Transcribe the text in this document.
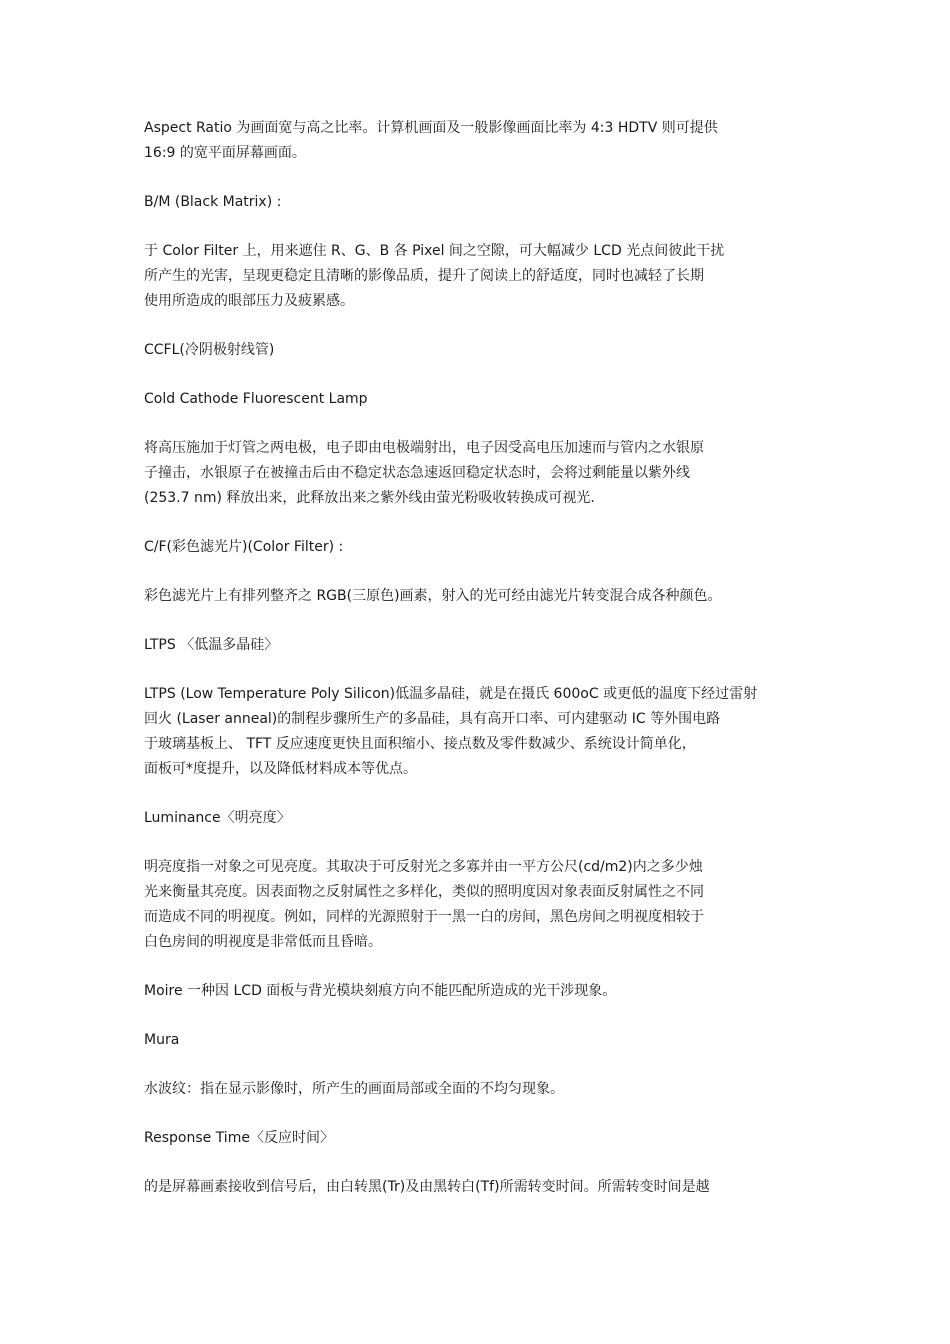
Aspect Ratio 为画面宽与高之比率。计算机画面及一般影像画面比率为 4:3 HDTV 则可提供
16:9 的宽平面屏幕画面。

B/M (Black Matrix) :

于 Color Filter 上，用来遮住 R、G、B 各 Pixel 间之空隙，可大幅减少 LCD 光点间彼此干扰
所产生的光害，呈现更稳定且清晰的影像品质，提升了阅读上的舒适度，同时也减轻了长期
使用所造成的眼部压力及疲累感。

CCFL(冷阴极射线管)

Cold Cathode Fluorescent Lamp

将高压施加于灯管之两电极，电子即由电极端射出，电子因受高电压加速而与管内之水银原
子撞击，水银原子在被撞击后由不稳定状态急速返回稳定状态时，会将过剩能量以紫外线
(253.7 nm) 释放出来，此释放出来之紫外线由萤光粉吸收转换成可视光.

C/F(彩色滤光片)(Color Filter) :

彩色滤光片上有排列整齐之 RGB(三原色)画素，射入的光可经由滤光片转变混合成各种颜色。

LTPS 〈低温多晶硅〉

LTPS (Low Temperature Poly Silicon)低温多晶硅，就是在摄氏 600oC 或更低的温度下经过雷射
回火 (Laser anneal)的制程步骤所生产的多晶硅，具有高开口率、可内建驱动 IC 等外围电路
于玻璃基板上、 TFT 反应速度更快且面积缩小、接点数及零件数减少、系统设计简单化，
面板可*度提升，以及降低材料成本等优点。

Luminance〈明亮度〉

明亮度指一对象之可见亮度。其取决于可反射光之多寡并由一平方公尺(cd/m2)内之多少烛
光来衡量其亮度。因表面物之反射属性之多样化，类似的照明度因对象表面反射属性之不同
而造成不同的明视度。例如，同样的光源照射于一黑一白的房间，黑色房间之明视度相较于
白色房间的明视度是非常低而且昏暗。

Moire 一种因 LCD 面板与背光模块刻痕方向不能匹配所造成的光干涉现象。

Mura

水波纹：指在显示影像时，所产生的画面局部或全面的不均匀现象。

Response Time〈反应时间〉

的是屏幕画素接收到信号后，由白转黑(Tr)及由黑转白(Tf)所需转变时间。所需转变时间是越
